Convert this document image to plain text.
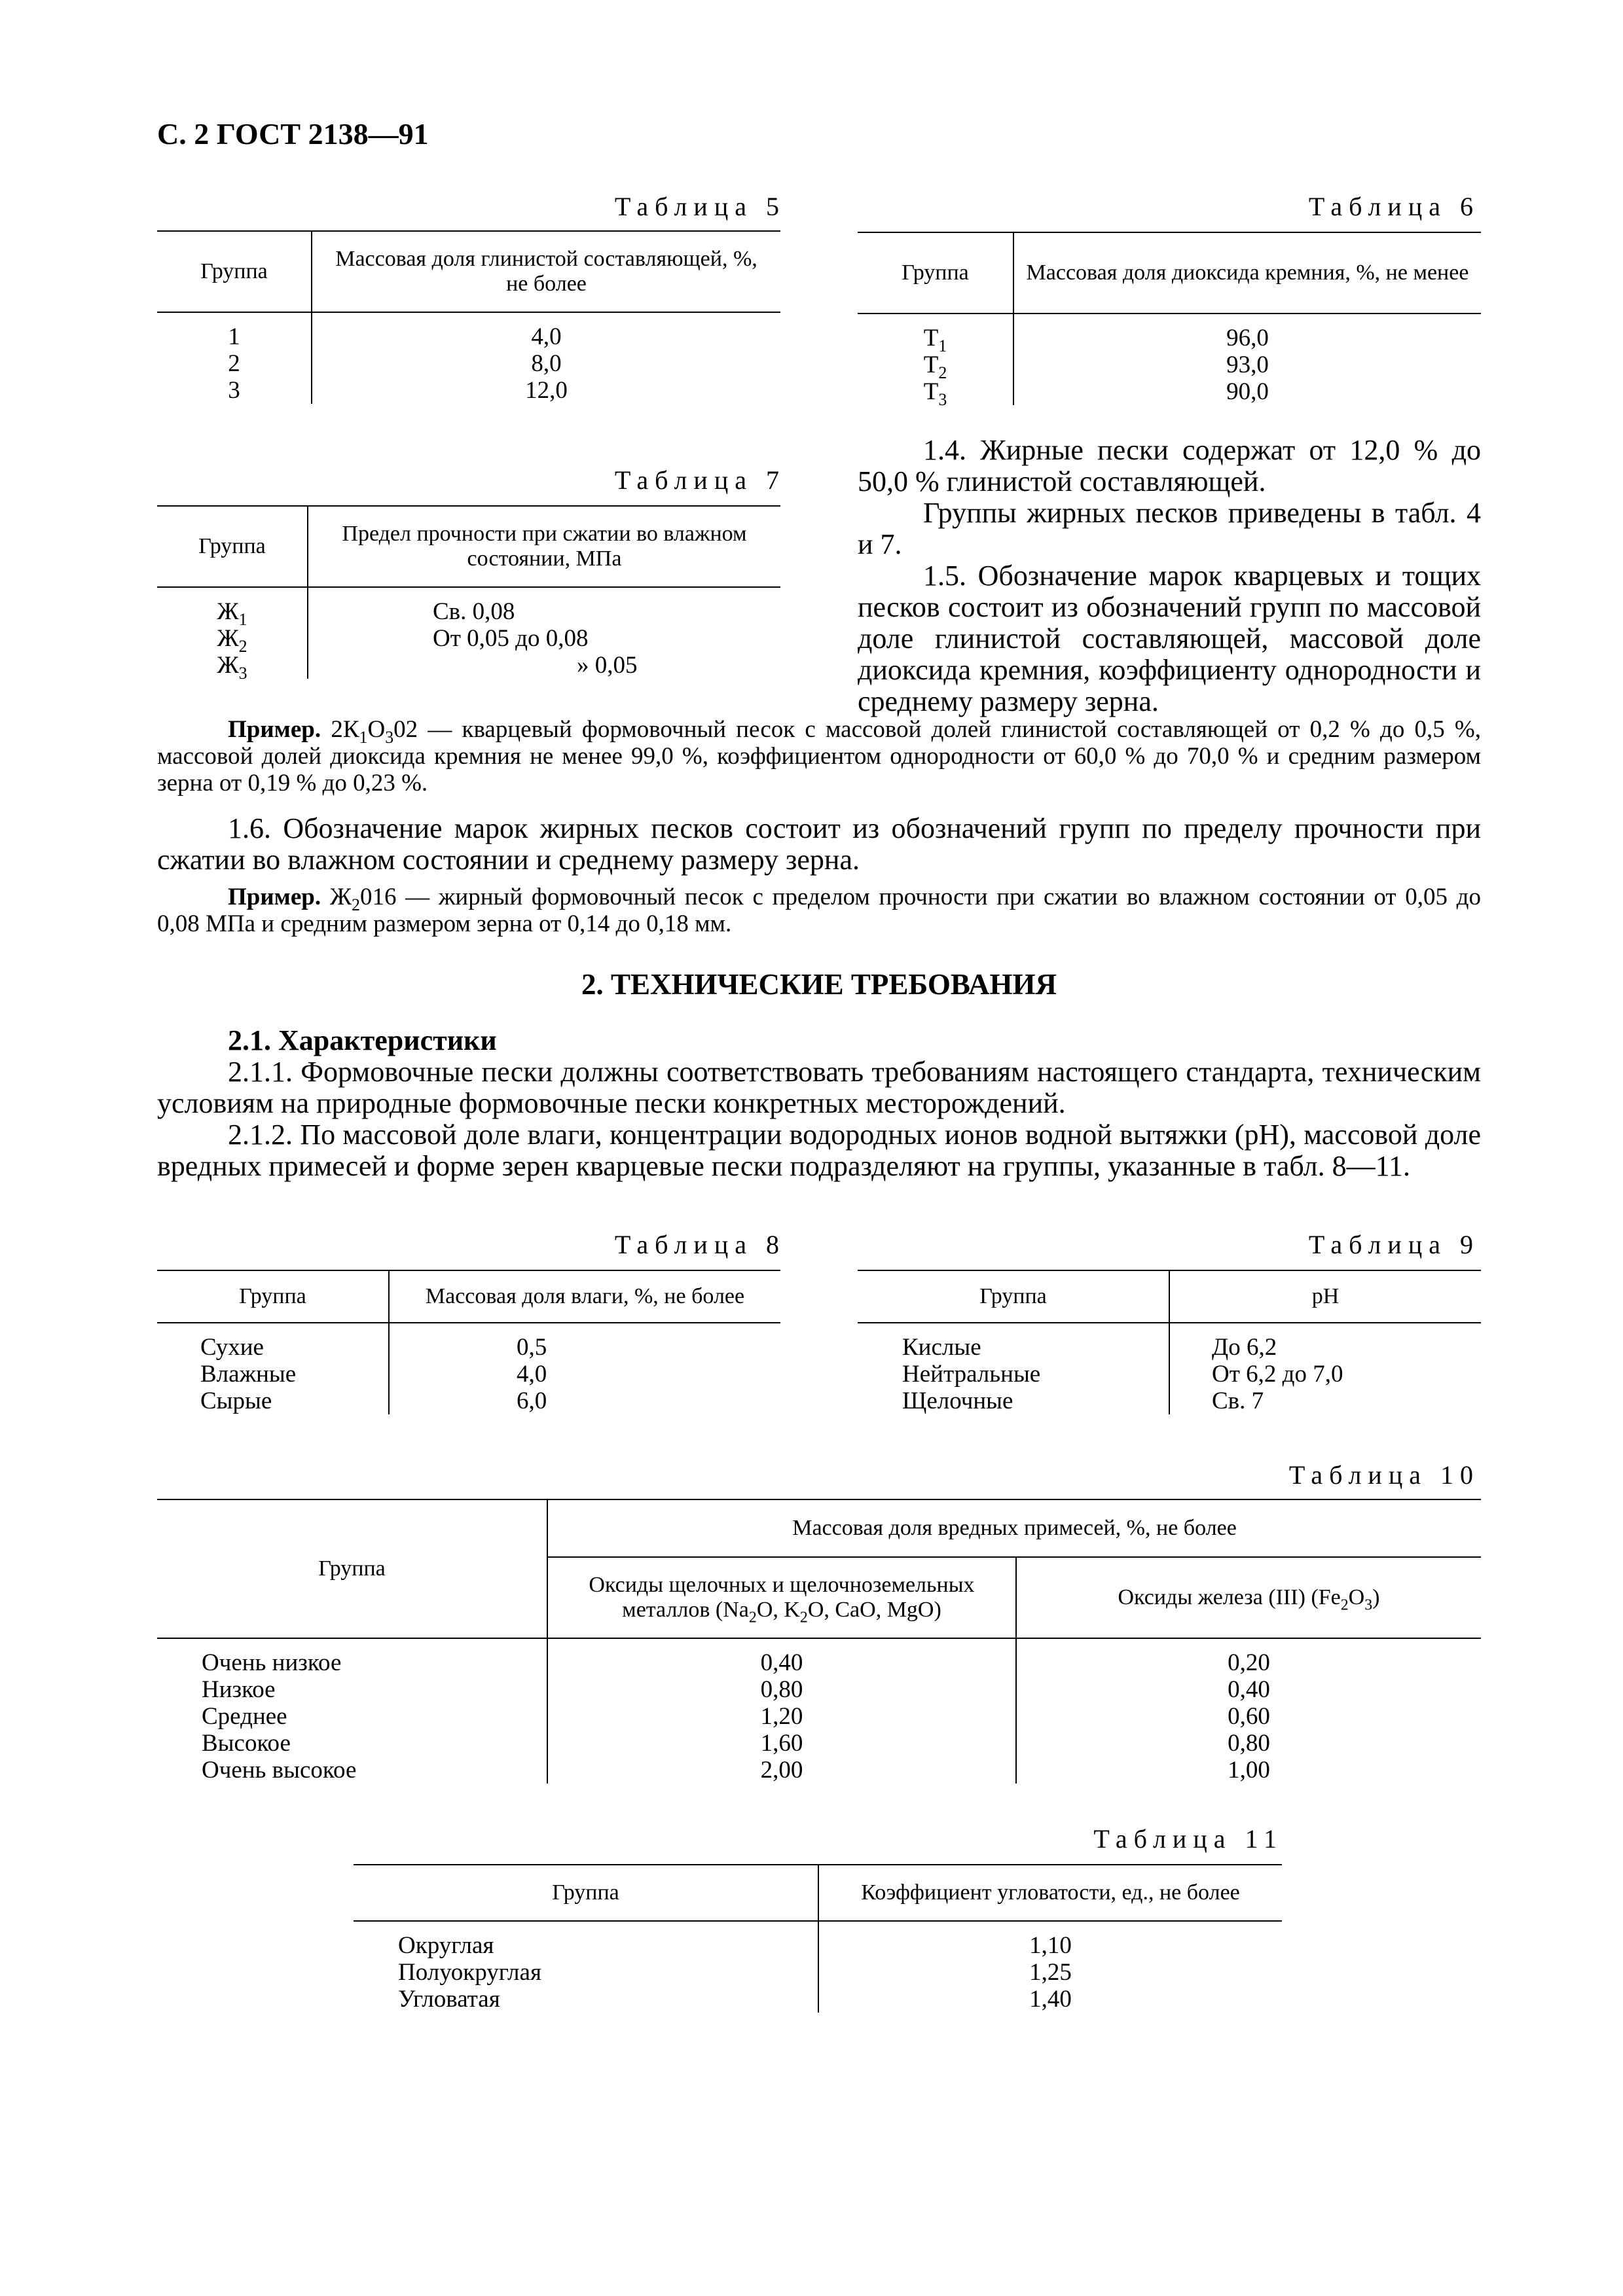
С. 2 ГОСТ 2138—91
Таблица 5
Группа	Массовая доля глинистой составляющей, %, не более
1	4,0
2	8,0
3	12,0
Таблица 6
Группа	Массовая доля диоксида кремния, %, не менее
$Т_1$	96,0
$Т_2$	93,0
$Т_3$	90,0
Таблица 7
Группа	Предел прочности при сжатии во влажном состоянии, МПа
$Ж_1$	Св. 0,08
$Ж_2$	От 0,05 до 0,08
$Ж_3$	» 0,05
1.4. Жирные пески содержат от 12,0 % до 50,0 % глинистой составляющей.
Группы жирных песков приведены в табл. 4 и 7.
1.5. Обозначение марок кварцевых и тощих песков состоит из обозначений групп по массовой доле глинистой составляющей, массовой доле диоксида кремния, коэффициенту однородности и среднему размеру зерна.
Пример. $2К_1О_302$ — кварцевый формовочный песок с массовой долей глинистой составляющей от 0,2 % до 0,5 %, массовой долей диоксида кремния не менее 99,0 %, коэффициентом однородности от 60,0 % до 70,0 % и средним размером зерна от 0,19 % до 0,23 %.
1.6. Обозначение марок жирных песков состоит из обозначений групп по пределу прочности при сжатии во влажном состоянии и среднему размеру зерна.
Пример. $Ж_2016$ — жирный формовочный песок с пределом прочности при сжатии во влажном состоянии от 0,05 до 0,08 МПа и средним размером зерна от 0,14 до 0,18 мм.
2. ТЕХНИЧЕСКИЕ ТРЕБОВАНИЯ
2.1. Характеристики
2.1.1. Формовочные пески должны соответствовать требованиям настоящего стандарта, техническим условиям на природные формовочные пески конкретных месторождений.
2.1.2. По массовой доле влаги, концентрации водородных ионов водной вытяжки (рН), массовой доле вредных примесей и форме зерен кварцевые пески подразделяют на группы, указанные в табл. 8—11.
Таблица 8
Группа	Массовая доля влаги, %, не более
Сухие	0,5
Влажные	4,0
Сырые	6,0
Таблица 9
Группа	рН
Кислые	До 6,2
Нейтральные	От 6,2 до 7,0
Щелочные	Св. 7
Таблица 10
Группа	Массовая доля вредных примесей, %, не более	
	Оксиды щелочных и щелочноземельных металлов ($Na_2O$, $K_2O$, CaO, MgO)	Оксиды железа (III) $(Fe_2O_3)$
Очень низкое	0,40	0,20
Низкое	0,80	0,40
Среднее	1,20	0,60
Высокое	1,60	0,80
Очень высокое	2,00	1,00
Таблица 11
Группа	Коэффициент угловатости, ед., не более
Округлая	1,10
Полуокруглая	1,25
Угловатая	1,40
